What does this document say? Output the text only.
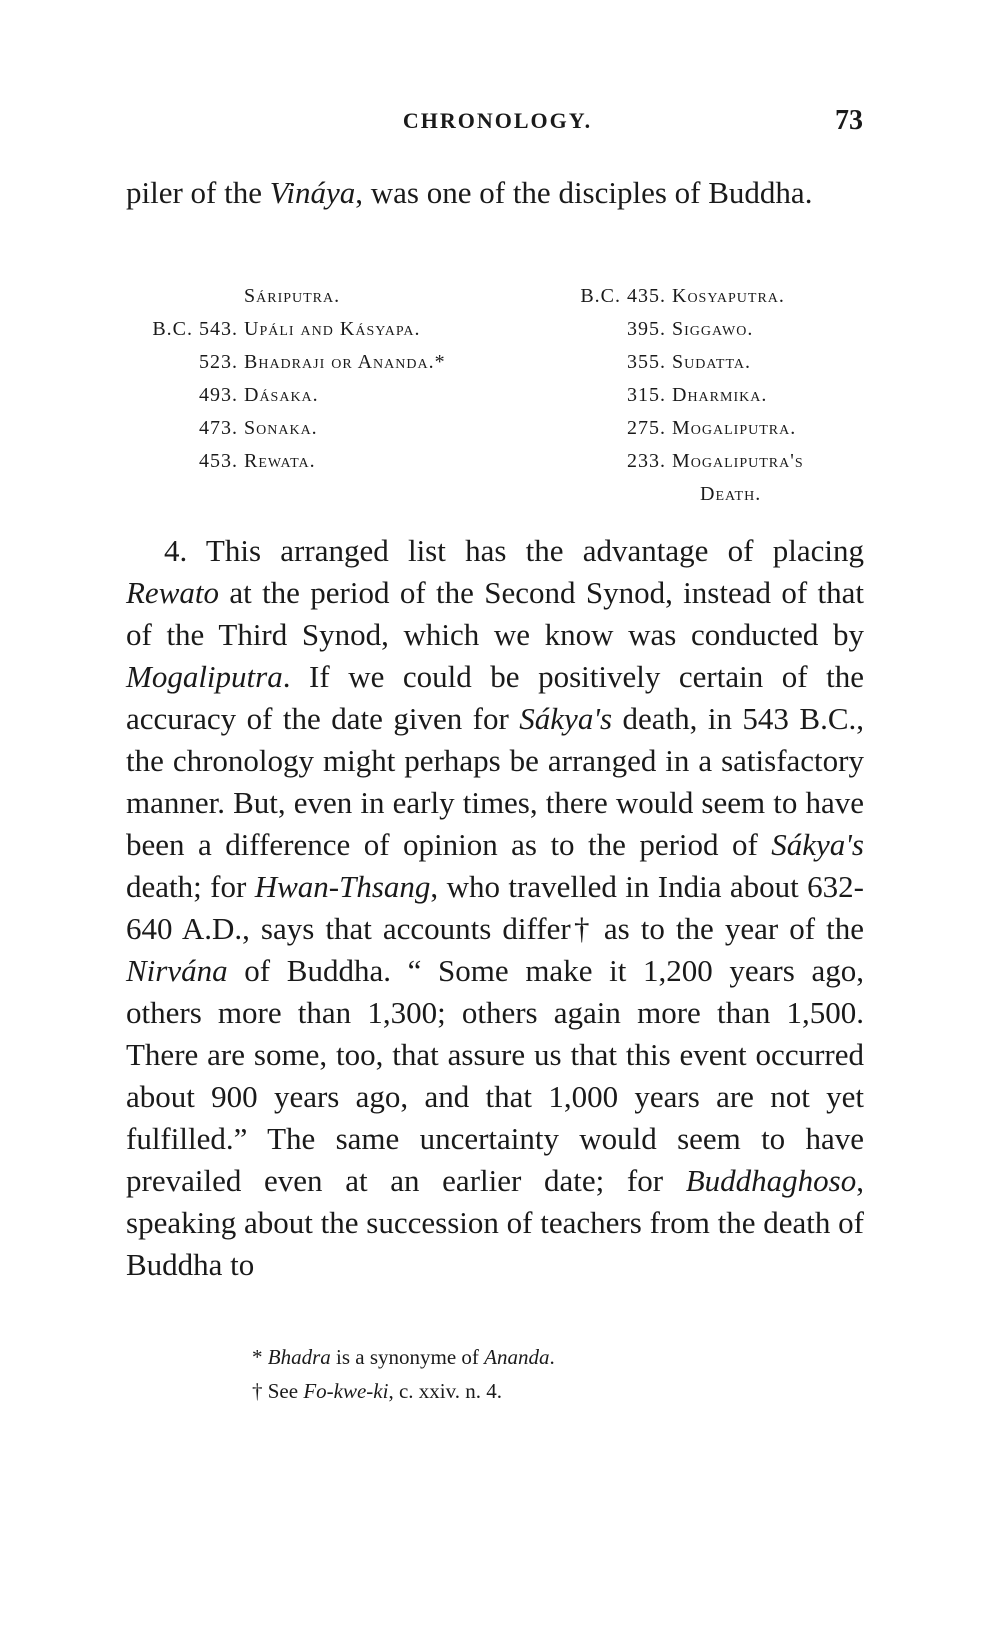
CHRONOLOGY.	73

piler of the Vináya, was one of the disciples of Buddha.

Sáriputra.
B.C. 543. Upáli and Kásyapa.
523. Bhadraji or Ananda.*
493. Dásaka.
473. Sonaka.
453. Rewata.
B.C. 435. Kosyaputra.
395. Siggawo.
355. Sudatta.
315. Dharmika.
275. Mogaliputra.
233. Mogaliputra's
Death.

4. This arranged list has the advantage of placing Rewato at the period of the Second Synod, instead of that of the Third Synod, which we know was conducted by Mogaliputra. If we could be positively certain of the accuracy of the date given for Sákya's death, in 543 B.C., the chronology might perhaps be arranged in a satisfactory manner. But, even in early times, there would seem to have been a difference of opinion as to the period of Sákya's death; for Hwan-Thsang, who travelled in India about 632-640 A.D., says that accounts differ† as to the year of the Nirvána of Buddha. “ Some make it 1,200 years ago, others more than 1,300; others again more than 1,500. There are some, too, that assure us that this event occurred about 900 years ago, and that 1,000 years are not yet fulfilled.” The same uncertainty would seem to have prevailed even at an earlier date; for Buddhaghoso, speaking about the succession of teachers from the death of Buddha to

* Bhadra is a synonyme of Ananda.
† See Fo-kwe-ki, c. xxiv. n. 4.
